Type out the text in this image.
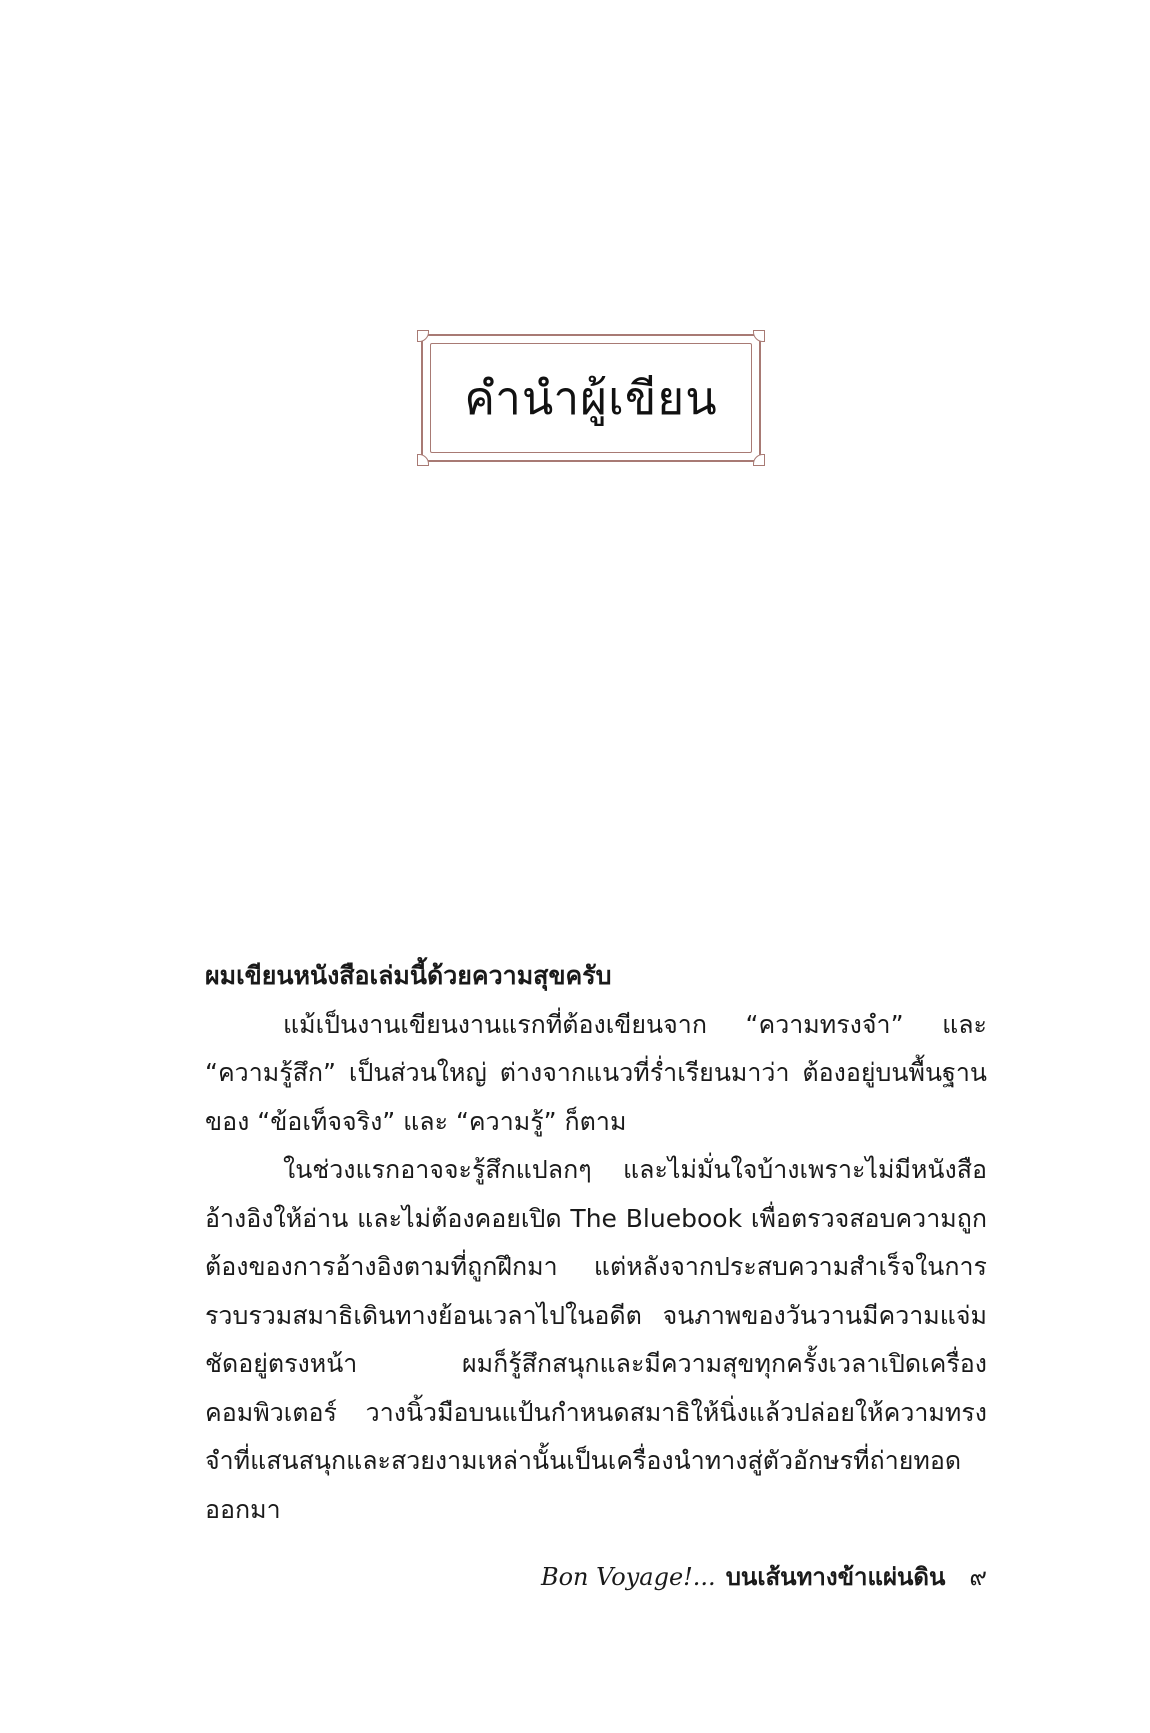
คำนำผู้เขียน

ผมเขียนหนังสือเล่มนี้ด้วยความสุขครับ

แม้เป็นงานเขียนงานแรกที่ต้องเขียนจาก “ความทรงจำ” และ “ความรู้สึก” เป็นส่วนใหญ่ ต่างจากแนวที่ร่ำเรียนมาว่า ต้องอยู่บนพื้นฐานของ “ข้อเท็จจริง” และ “ความรู้” ก็ตาม

ในช่วงแรกอาจจะรู้สึกแปลกๆ และไม่มั่นใจบ้างเพราะไม่มีหนังสืออ้างอิงให้อ่าน และไม่ต้องคอยเปิด The Bluebook เพื่อตรวจสอบความถูกต้องของการอ้างอิงตามที่ถูกฝึกมา แต่หลังจากประสบความสำเร็จในการรวบรวมสมาธิเดินทางย้อนเวลาไปในอดีต จนภาพของวันวานมีความแจ่มชัดอยู่ตรงหน้า ผมก็รู้สึกสนุกและมีความสุขทุกครั้งเวลาเปิดเครื่องคอมพิวเตอร์ วางนิ้วมือบนแป้นกำหนดสมาธิให้นิ่งแล้วปล่อยให้ความทรงจำที่แสนสนุกและสวยงามเหล่านั้นเป็นเครื่องนำทางสู่ตัวอักษรที่ถ่ายทอดออกมา

Bon Voyage!... บนเส้นทางข้าแผ่นดิน ๙
